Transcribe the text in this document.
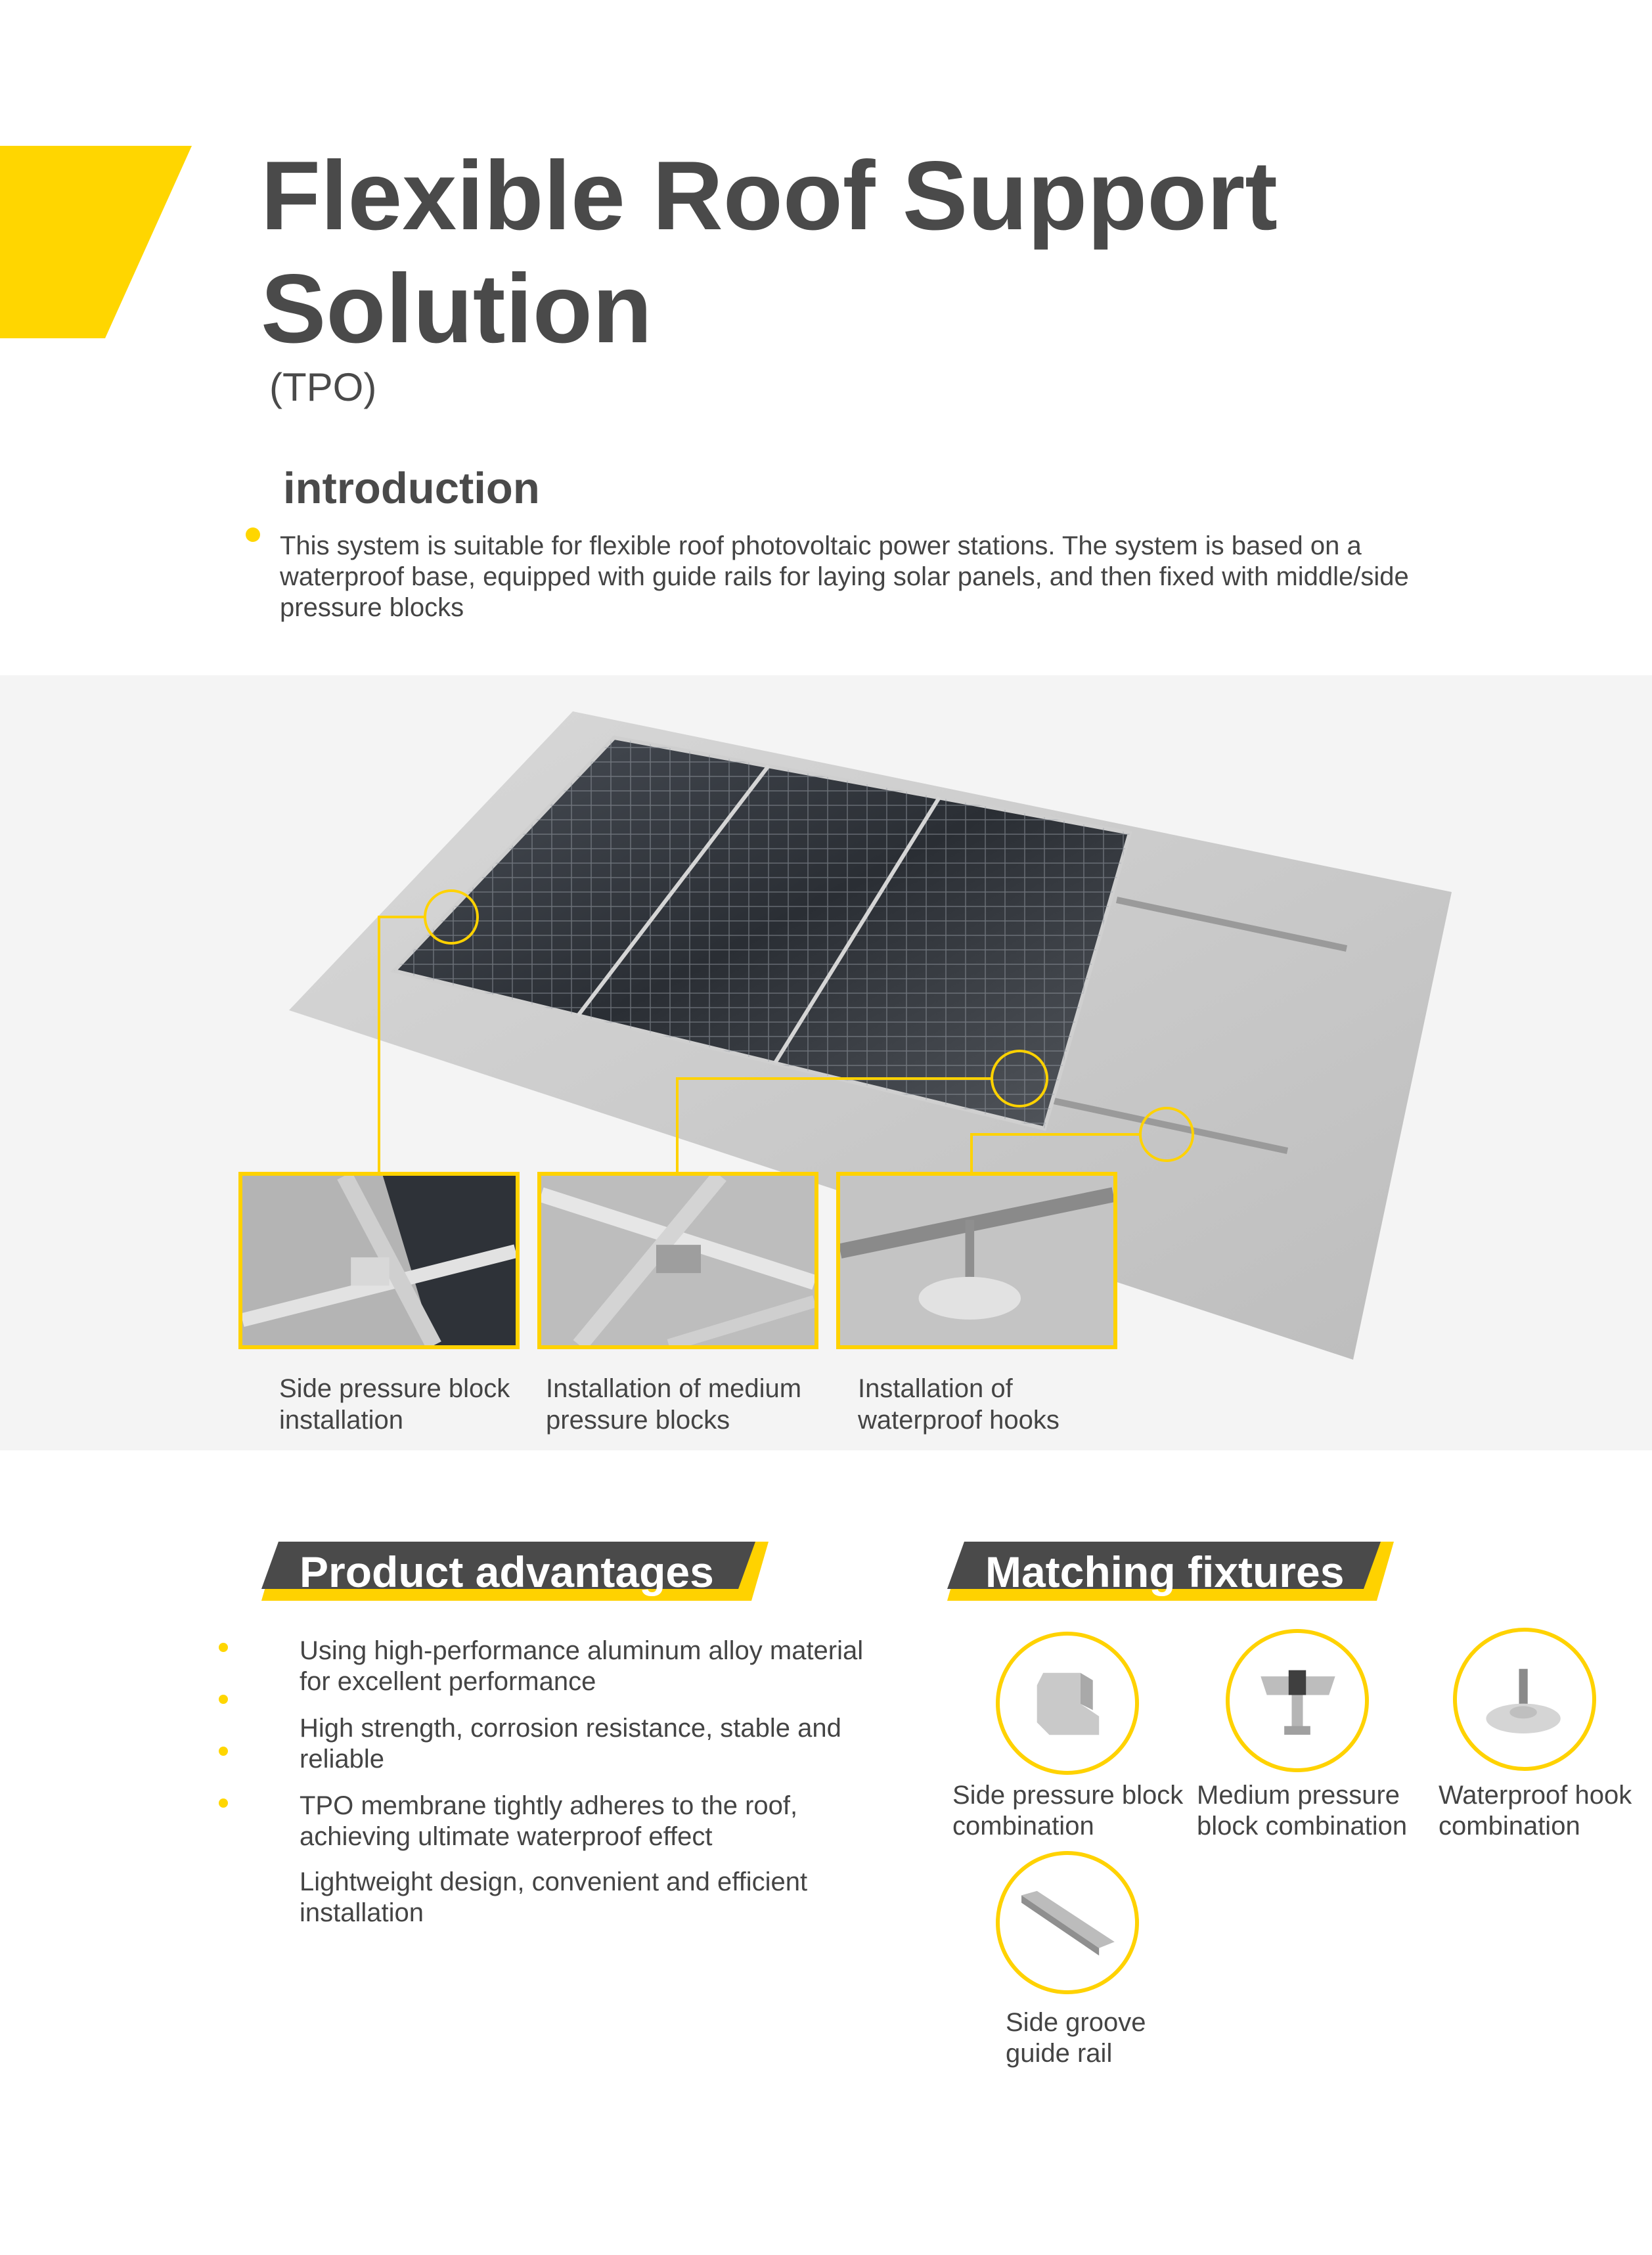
Flexible Roof Support Solution
(TPO)
introduction

This system is suitable for flexible roof photovoltaic power stations. The system is based on a waterproof base, equipped with guide rails for laying solar panels, and then fixed with middle/side pressure blocks

Side pressure block installation
Installation of medium pressure blocks
Installation of waterproof hooks
Product advantages
Using high-performance aluminum alloy material for excellent performance
High strength, corrosion resistance, stable and reliable
TPO membrane tightly adheres to the roof, achieving ultimate waterproof effect
Lightweight design, convenient and efficient installation
Matching fixtures
Side pressure block combination
Medium pressure block combination
Waterproof hook combination
Side groove guide rail
